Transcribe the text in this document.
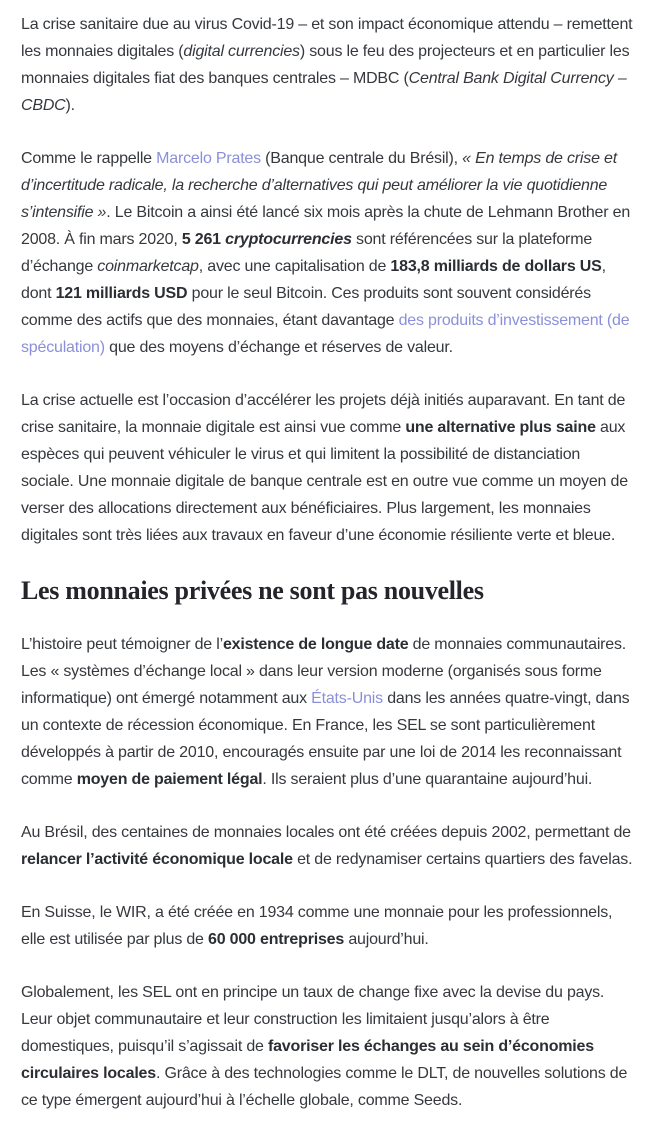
La crise sanitaire due au virus Covid-19 – et son impact économique attendu – remettent les monnaies digitales (digital currencies) sous le feu des projecteurs et en particulier les monnaies digitales fiat des banques centrales – MDBC (Central Bank Digital Currency – CBDC).

Comme le rappelle Marcelo Prates (Banque centrale du Brésil), « En temps de crise et d’incertitude radicale, la recherche d’alternatives qui peut améliorer la vie quotidienne s’intensifie ». Le Bitcoin a ainsi été lancé six mois après la chute de Lehmann Brother en 2008. À fin mars 2020, 5 261 cryptocurrencies sont référencées sur la plateforme d’échange coinmarketcap, avec une capitalisation de 183,8 milliards de dollars US, dont 121 milliards USD pour le seul Bitcoin. Ces produits sont souvent considérés comme des actifs que des monnaies, étant davantage des produits d’investissement (de spéculation) que des moyens d’échange et réserves de valeur.

La crise actuelle est l’occasion d’accélérer les projets déjà initiés auparavant. En tant de crise sanitaire, la monnaie digitale est ainsi vue comme une alternative plus saine aux espèces qui peuvent véhiculer le virus et qui limitent la possibilité de distanciation sociale. Une monnaie digitale de banque centrale est en outre vue comme un moyen de verser des allocations directement aux bénéficiaires. Plus largement, les monnaies digitales sont très liées aux travaux en faveur d’une économie résiliente verte et bleue.

Les monnaies privées ne sont pas nouvelles

L’histoire peut témoigner de l’existence de longue date de monnaies communautaires. Les « systèmes d’échange local » dans leur version moderne (organisés sous forme informatique) ont émergé notamment aux États-Unis dans les années quatre-vingt, dans un contexte de récession économique. En France, les SEL se sont particulièrement développés à partir de 2010, encouragés ensuite par une loi de 2014 les reconnaissant comme moyen de paiement légal. Ils seraient plus d’une quarantaine aujourd’hui.

Au Brésil, des centaines de monnaies locales ont été créées depuis 2002, permettant de relancer l’activité économique locale et de redynamiser certains quartiers des favelas.

En Suisse, le WIR, a été créée en 1934 comme une monnaie pour les professionnels, elle est utilisée par plus de 60 000 entreprises aujourd’hui.

Globalement, les SEL ont en principe un taux de change fixe avec la devise du pays. Leur objet communautaire et leur construction les limitaient jusqu’alors à être domestiques, puisqu’il s’agissait de favoriser les échanges au sein d’économies circulaires locales. Grâce à des technologies comme le DLT, de nouvelles solutions de ce type émergent aujourd’hui à l’échelle globale, comme Seeds.
